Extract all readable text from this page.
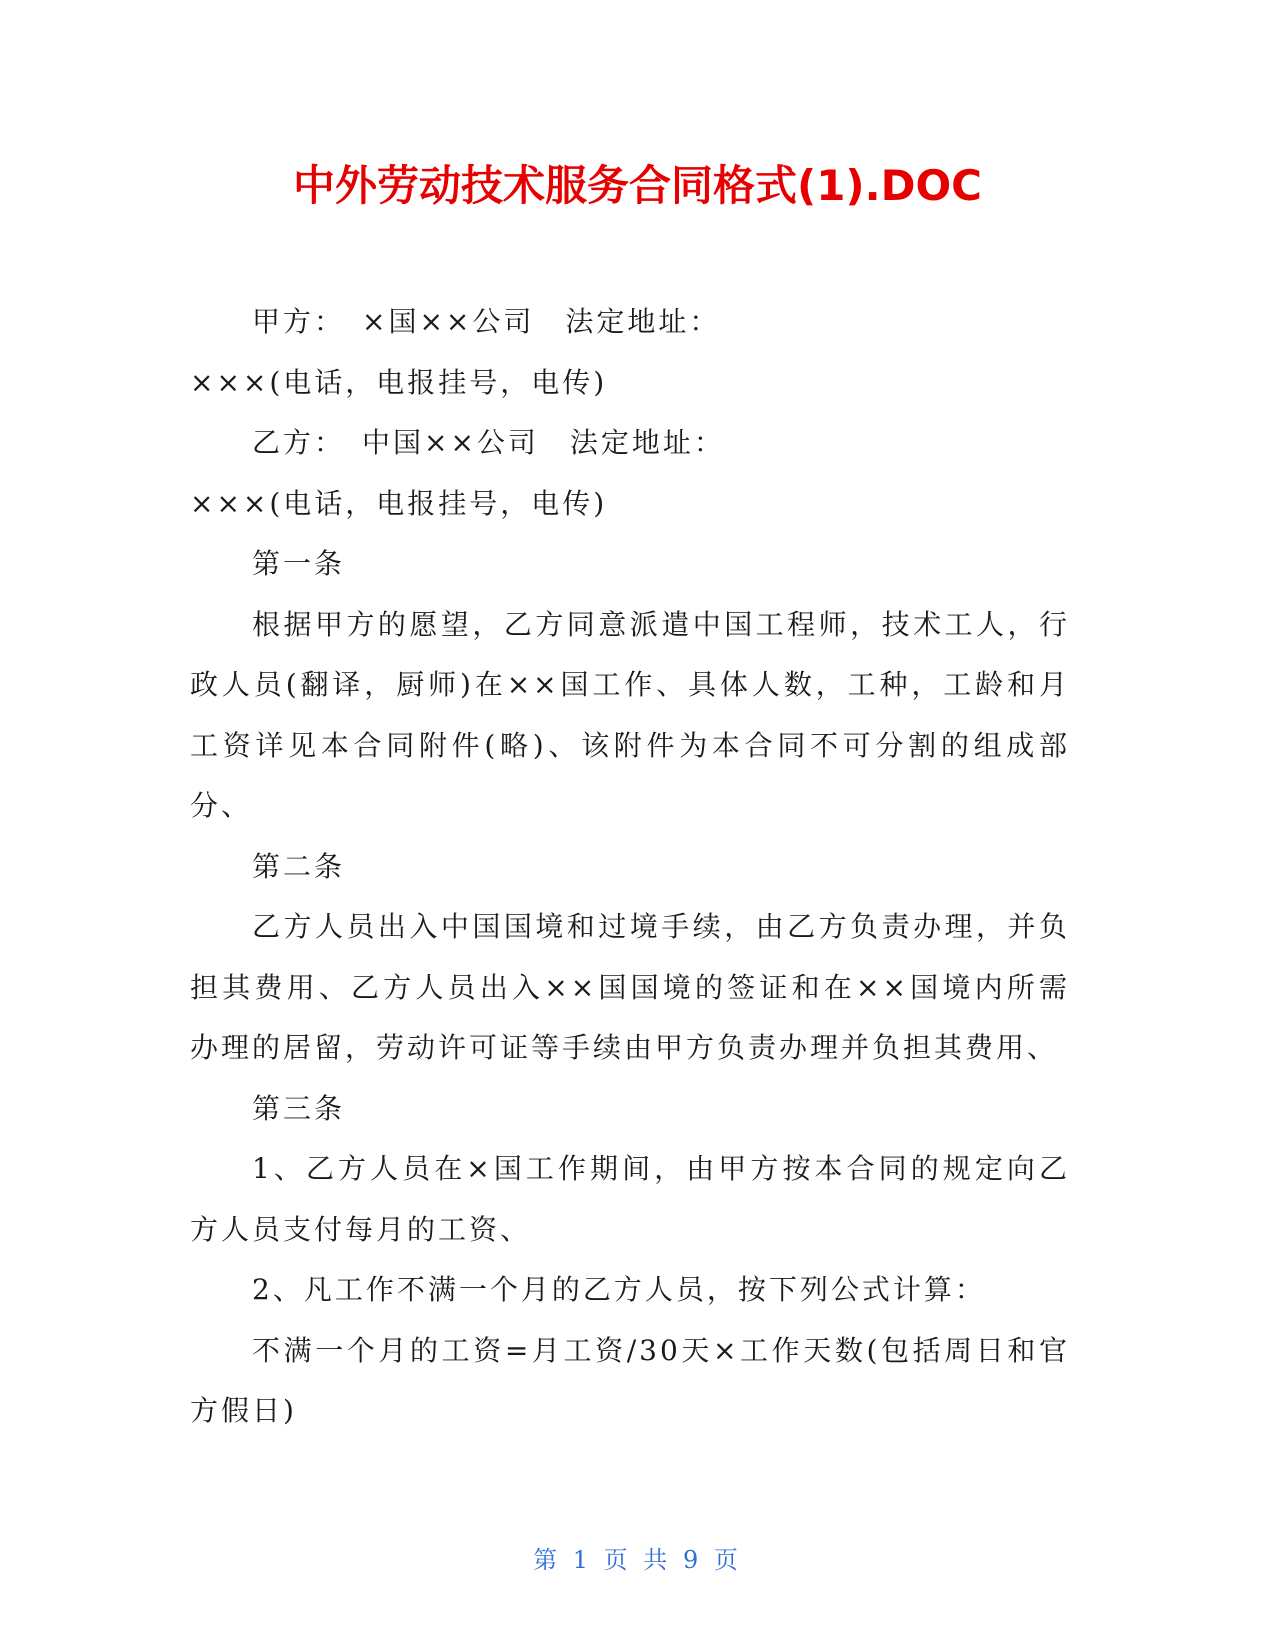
中外劳动技术服务合同格式(1).DOC

甲方：　×国××公司　法定地址：

×××(电话，电报挂号，电传)

乙方：　中国××公司　法定地址：

×××(电话，电报挂号，电传)

第一条

根据甲方的愿望，乙方同意派遣中国工程师，技术工人，行政人员(翻译，厨师)在××国工作、具体人数，工种，工龄和月工资详见本合同附件(略)、该附件为本合同不可分割的组成部分、

第二条

乙方人员出入中国国境和过境手续，由乙方负责办理，并负担其费用、乙方人员出入××国国境的签证和在××国境内所需办理的居留，劳动许可证等手续由甲方负责办理并负担其费用、

第三条

1、乙方人员在×国工作期间，由甲方按本合同的规定向乙方人员支付每月的工资、

2、凡工作不满一个月的乙方人员，按下列公式计算：

不满一个月的工资=月工资/30天×工作天数(包括周日和官方假日)

第 1 页 共 9 页
